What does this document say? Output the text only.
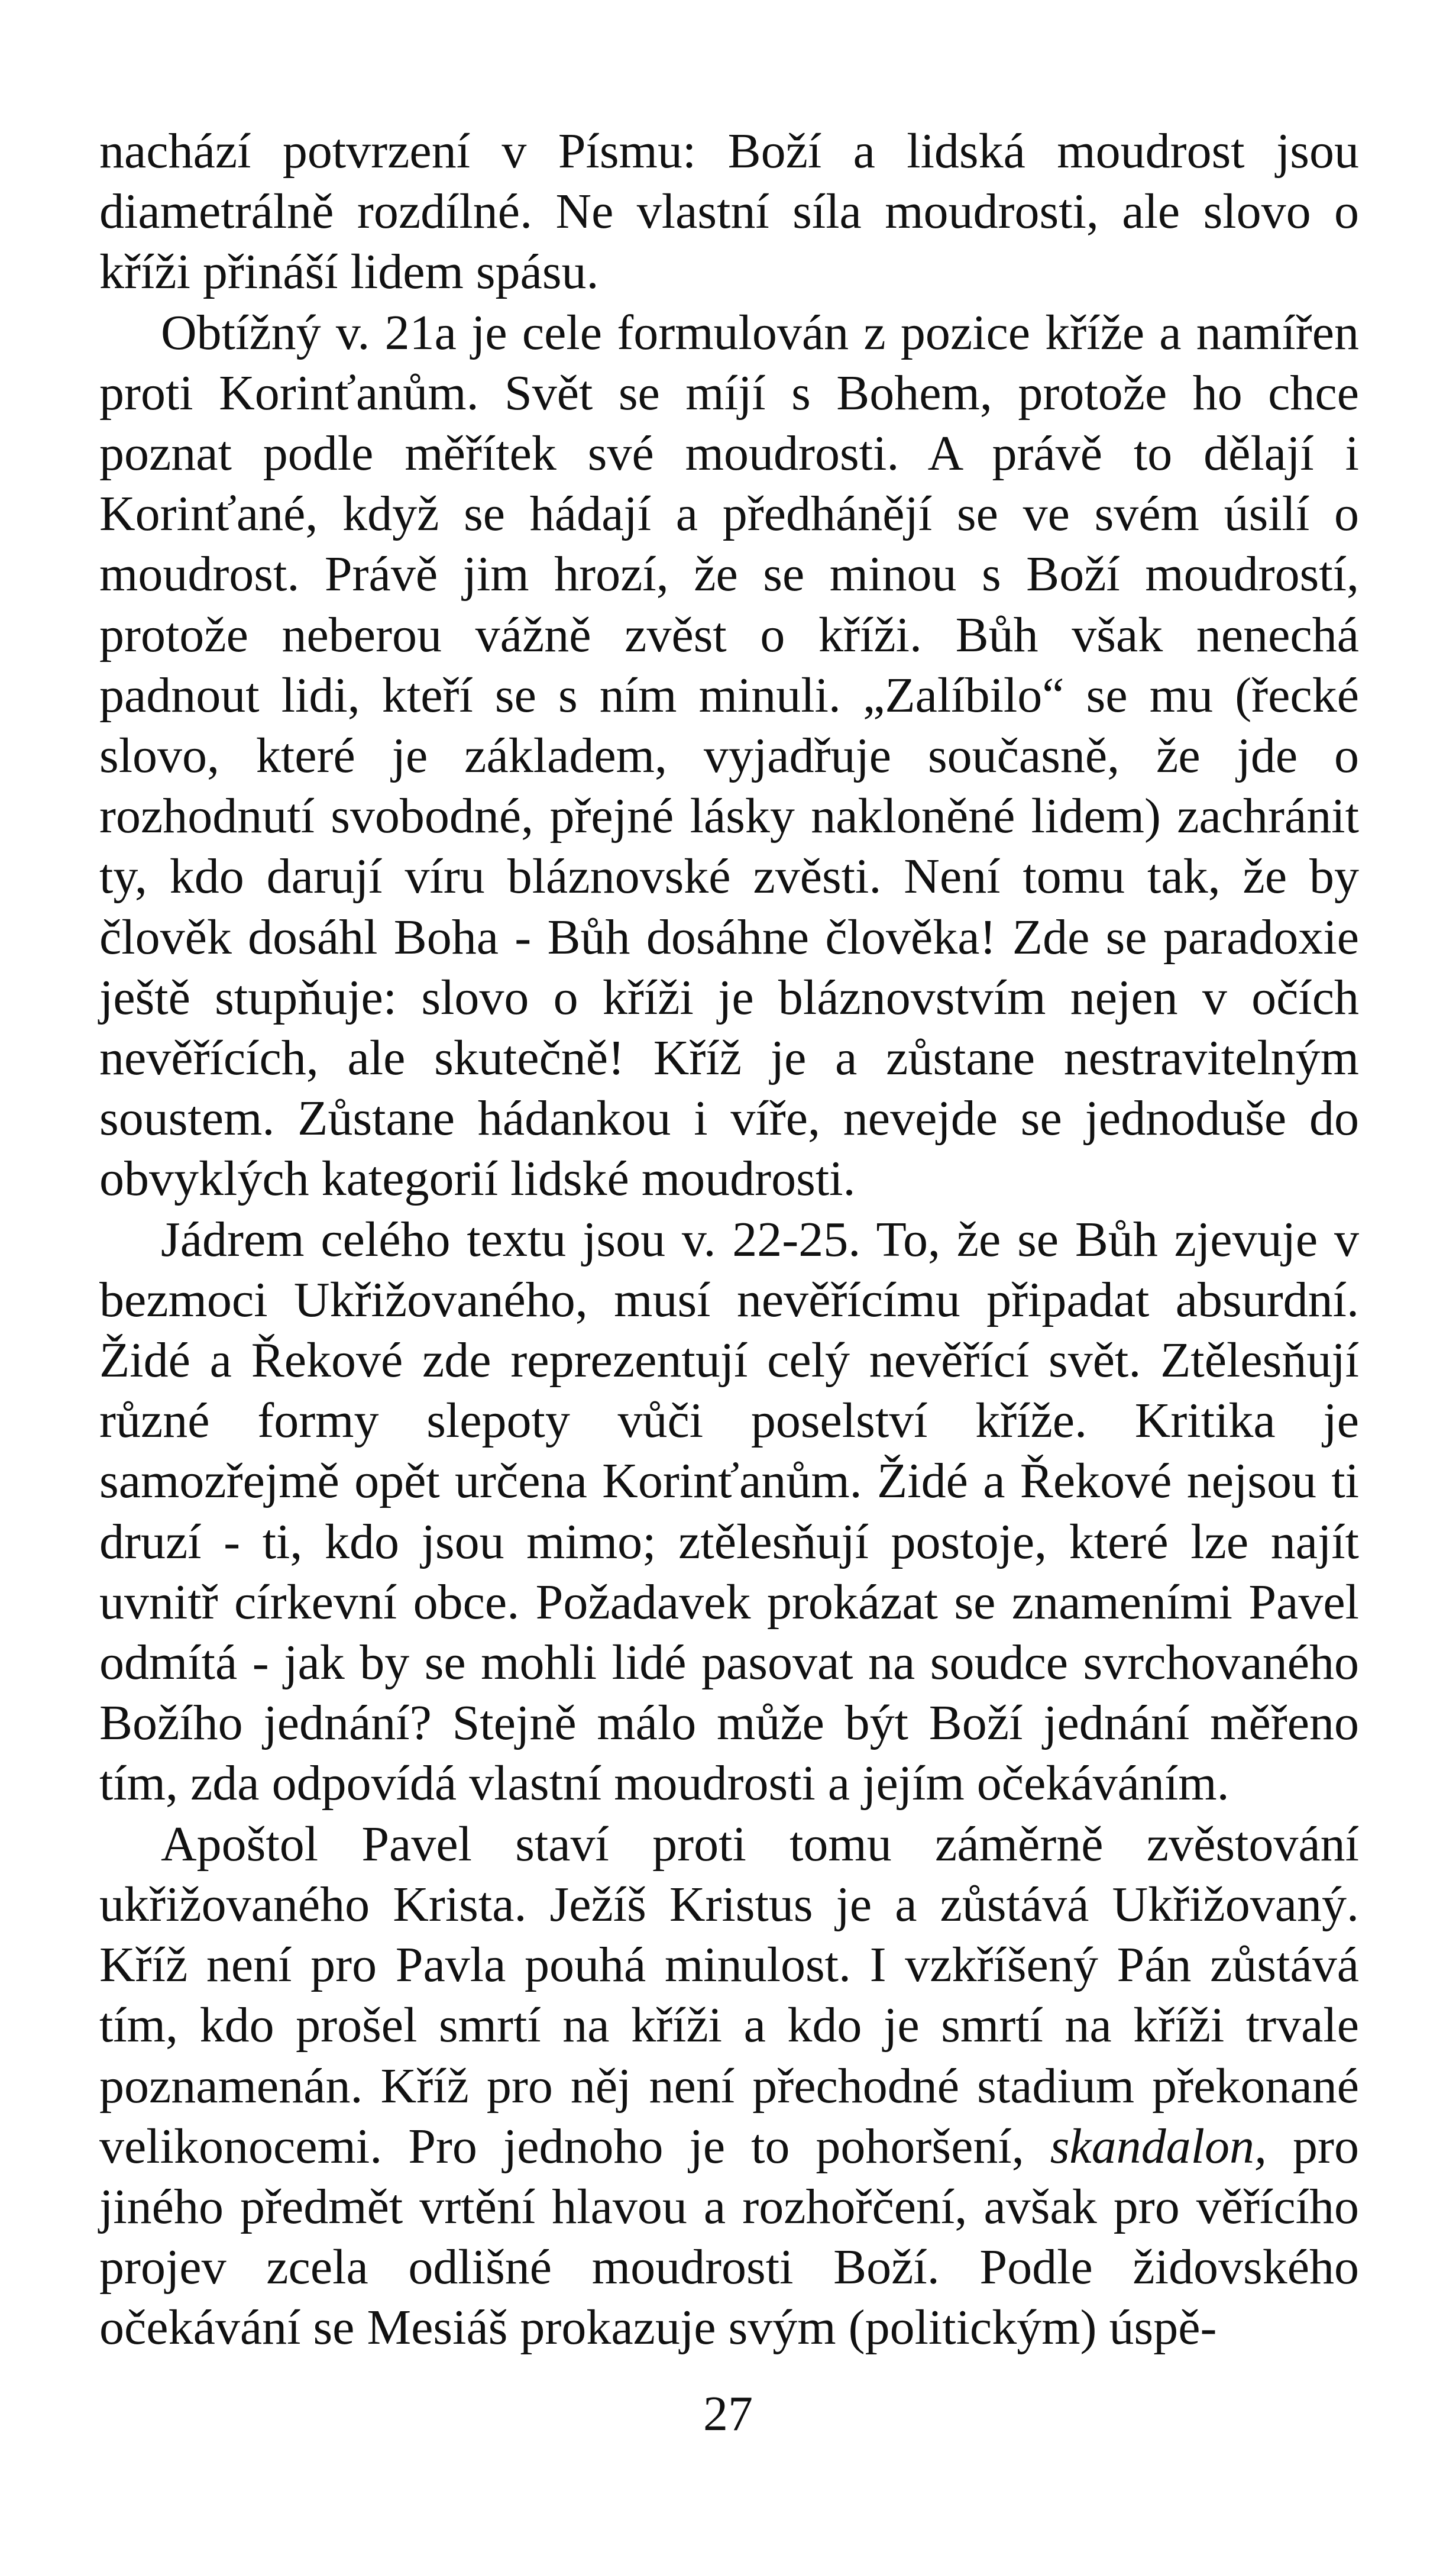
nachází potvrzení v Písmu: Boží a lidská moudrost jsou diametrálně rozdílné. Ne vlastní síla moudrosti, ale slovo o kříži přináší lidem spásu.

Obtížný v. 21a je cele formulován z pozice kříže a namířen proti Korinťanům. Svět se míjí s Bohem, protože ho chce poznat podle měřítek své moudrosti. A právě to dělají i Korinťané, když se hádají a předhánějí se ve svém úsilí o moudrost. Právě jim hrozí, že se minou s Boží moudrostí, protože neberou vážně zvěst o kříži. Bůh však nenechá padnout lidi, kteří se s ním minuli. „Zalíbilo“ se mu (řecké slovo, které je základem, vyjadřuje současně, že jde o rozhodnutí svobodné, přejné lásky nakloněné lidem) zachránit ty, kdo darují víru bláznovské zvěsti. Není tomu tak, že by člověk dosáhl Boha - Bůh dosáhne člověka! Zde se paradoxie ještě stupňuje: slovo o kříži je bláznovstvím nejen v očích nevěřících, ale skutečně! Kříž je a zůstane nestravitelným soustem. Zůstane hádankou i víře, nevejde se jednoduše do obvyklých kategorií lidské moudrosti.

Jádrem celého textu jsou v. 22-25. To, že se Bůh zjevuje v bezmoci Ukřižovaného, musí nevěřícímu připadat absurdní. Židé a Řekové zde reprezentují celý nevěřící svět. Ztělesňují různé formy slepoty vůči poselství kříže. Kritika je samozřejmě opět určena Korinťanům. Židé a Řekové nejsou ti druzí - ti, kdo jsou mimo; ztělesňují postoje, které lze najít uvnitř církevní obce. Požadavek prokázat se znameními Pavel odmítá - jak by se mohli lidé pasovat na soudce svrchovaného Božího jednání? Stejně málo může být Boží jednání měřeno tím, zda odpovídá vlastní moudrosti a jejím očekáváním.

Apoštol Pavel staví proti tomu záměrně zvěstování ukřižovaného Krista. Ježíš Kristus je a zůstává Ukřižovaný. Kříž není pro Pavla pouhá minulost. I vzkříšený Pán zůstává tím, kdo prošel smrtí na kříži a kdo je smrtí na kříži trvale poznamenán. Kříž pro něj není přechodné stadium překonané velikonocemi. Pro jednoho je to pohoršení, skandalon, pro jiného předmět vrtění hlavou a rozhořčení, avšak pro věřícího projev zcela odlišné moudrosti Boží. Podle židovského očekávání se Mesiáš prokazuje svým (politickým) úspě-

27
